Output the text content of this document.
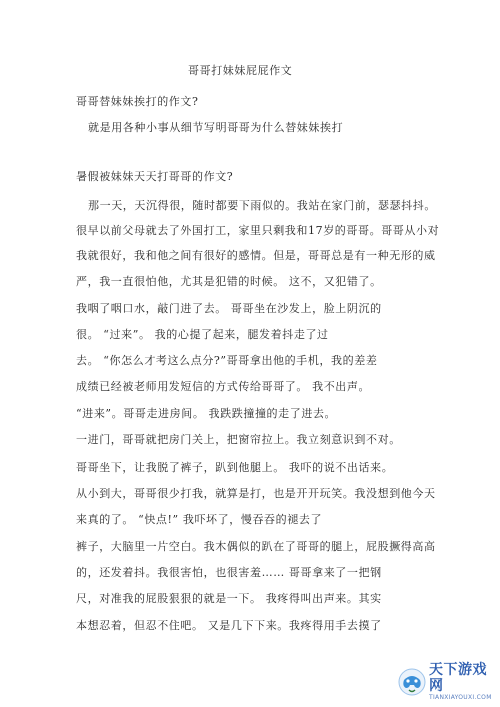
哥哥打妹妹屁屁作文
哥哥替妹妹挨打的作文?
就是用各种小事从细节写明哥哥为什么替妹妹挨打
暑假被妹妹天天打哥哥的作文?
那一天，天沉得很，随时都要下雨似的。我站在家门前，瑟瑟抖抖。
很早以前父母就去了外国打工，家里只剩我和17岁的哥哥。哥哥从小对
我就很好，我和他之间有很好的感情。但是，哥哥总是有一种无形的威
严，我一直很怕他，尤其是犯错的时候。 这不，又犯错了。
我咽了咽口水，敲门进了去。 哥哥坐在沙发上，脸上阴沉的
很。 “过来”。 我的心提了起来，腿发着抖走了过
去。 “你怎么才考这么点分?”哥哥拿出他的手机，我的差差
成绩已经被老师用发短信的方式传给哥哥了。 我不出声。
“进来”。哥哥走进房间。 我跌跌撞撞的走了进去。
一进门，哥哥就把房门关上，把窗帘拉上。我立刻意识到不对。
哥哥坐下，让我脱了裤子，趴到他腿上。 我吓的说不出话来。
从小到大，哥哥很少打我，就算是打，也是开开玩笑。我没想到他今天
来真的了。 “快点!” 我吓坏了，慢吞吞的褪去了
裤子，大脑里一片空白。我木偶似的趴在了哥哥的腿上，屁股撅得高高
的，还发着抖。我很害怕，也很害羞…… 哥哥拿来了一把钢
尺，对准我的屁股狠狠的就是一下。 我疼得叫出声来。其实
本想忍着，但忍不住吧。 又是几下下来。我疼得用手去摸了
天下游戏网
TIANXIAYOUXI.COM
